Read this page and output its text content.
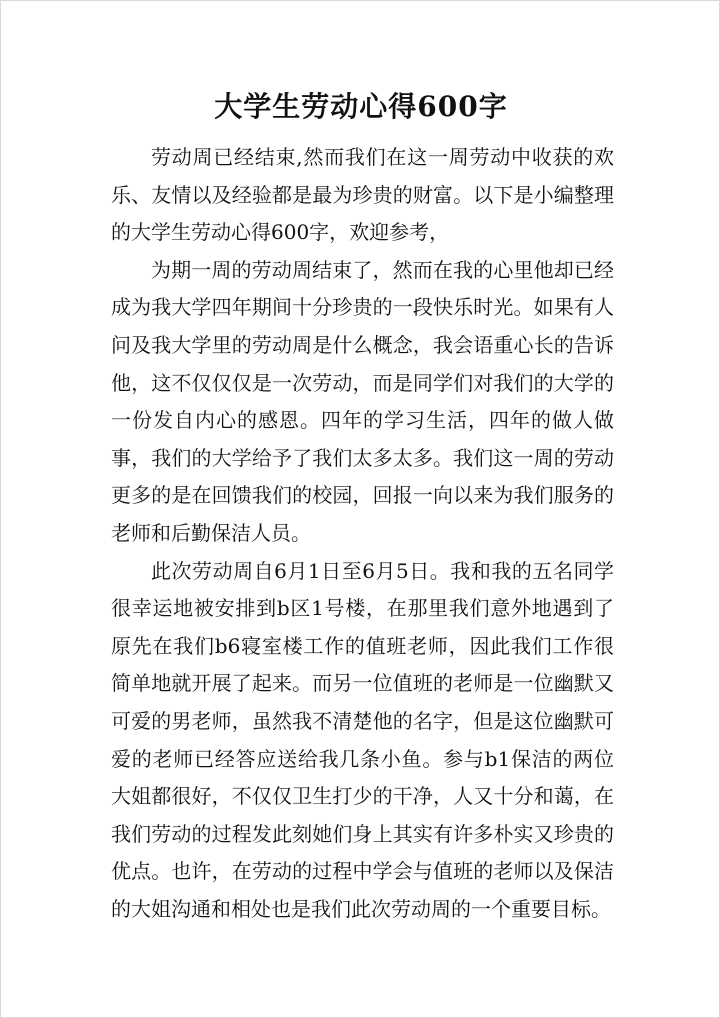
大学生劳动心得600字

劳动周已经结束,然而我们在这一周劳动中收获的欢乐、友情以及经验都是最为珍贵的财富。以下是小编整理的大学生劳动心得600字，欢迎参考，

为期一周的劳动周结束了，然而在我的心里他却已经成为我大学四年期间十分珍贵的一段快乐时光。如果有人问及我大学里的劳动周是什么概念，我会语重心长的告诉他，这不仅仅仅是一次劳动，而是同学们对我们的大学的一份发自内心的感恩。四年的学习生活，四年的做人做事，我们的大学给予了我们太多太多。我们这一周的劳动更多的是在回馈我们的校园，回报一向以来为我们服务的老师和后勤保洁人员。

此次劳动周自6月1日至6月5日。我和我的五名同学很幸运地被安排到b区1号楼，在那里我们意外地遇到了原先在我们b6寝室楼工作的值班老师，因此我们工作很简单地就开展了起来。而另一位值班的老师是一位幽默又可爱的男老师，虽然我不清楚他的名字，但是这位幽默可爱的老师已经答应送给我几条小鱼。参与b1保洁的两位大姐都很好，不仅仅卫生打少的干净，人又十分和蔼，在我们劳动的过程发此刻她们身上其实有许多朴实又珍贵的优点。也许，在劳动的过程中学会与值班的老师以及保洁的大姐沟通和相处也是我们此次劳动周的一个重要目标。
